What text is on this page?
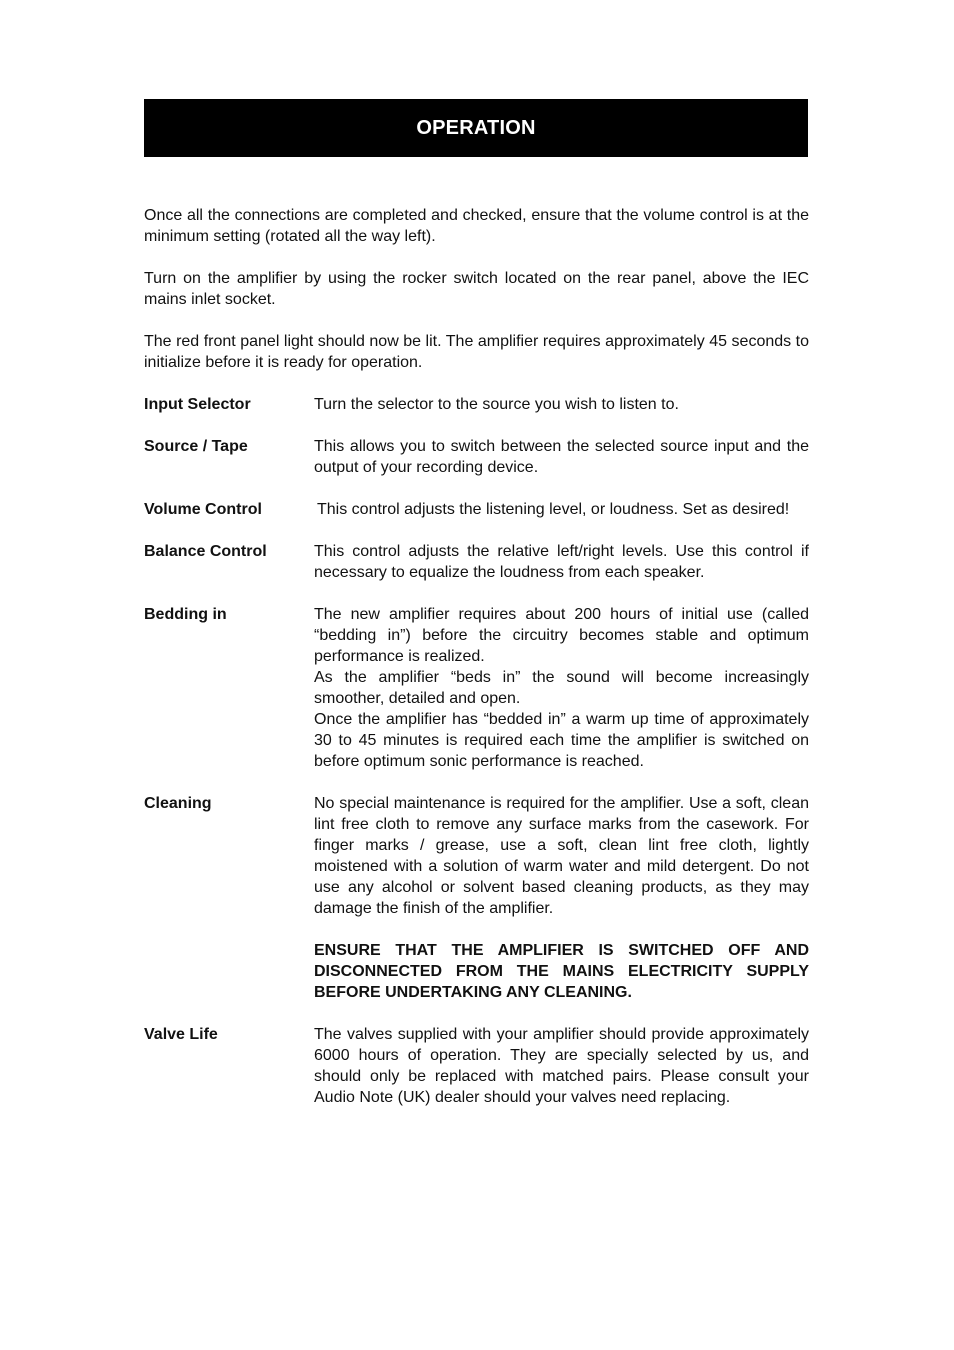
OPERATION

Once all the connections are completed and checked, ensure that the volume control is at the minimum setting (rotated all the way left).

Turn on the amplifier by using the rocker switch located on the rear panel, above the IEC mains inlet socket.

The red front panel light should now be lit. The amplifier requires approximately 45 seconds to initialize before it is ready for operation.

Input Selector	Turn the selector to the source you wish to listen to.
Source / Tape	This allows you to switch between the selected source input and the output of your recording device.
Volume Control	This control adjusts the listening level, or loudness. Set as desired!
Balance Control	This control adjusts the relative left/right levels. Use this control if necessary to equalize the loudness from each speaker.
Bedding in	The new amplifier requires about 200 hours of initial use (called “bedding in”) before the circuitry becomes stable and optimum performance is realized.

As the amplifier “beds in” the sound will become increasingly smoother, detailed and open.

Once the amplifier has “bedded in” a warm up time of approximately 30 to 45 minutes is required each time the amplifier is switched on before optimum sonic performance is reached.

Cleaning	No special maintenance is required for the amplifier. Use a soft, clean lint free cloth to remove any surface marks from the casework. For finger marks / grease, use a soft, clean lint free cloth, lightly moistened with a solution of warm water and mild detergent. Do not use any alcohol or solvent based cleaning products, as they may damage the finish of the amplifier.

ENSURE THAT THE AMPLIFIER IS SWITCHED OFF AND DISCONNECTED FROM THE MAINS ELECTRICITY SUPPLY BEFORE UNDERTAKING ANY CLEANING.

Valve Life	The valves supplied with your amplifier should provide approximately 6000 hours of operation. They are specially selected by us, and should only be replaced with matched pairs. Please consult your Audio Note (UK) dealer should your valves need replacing.
